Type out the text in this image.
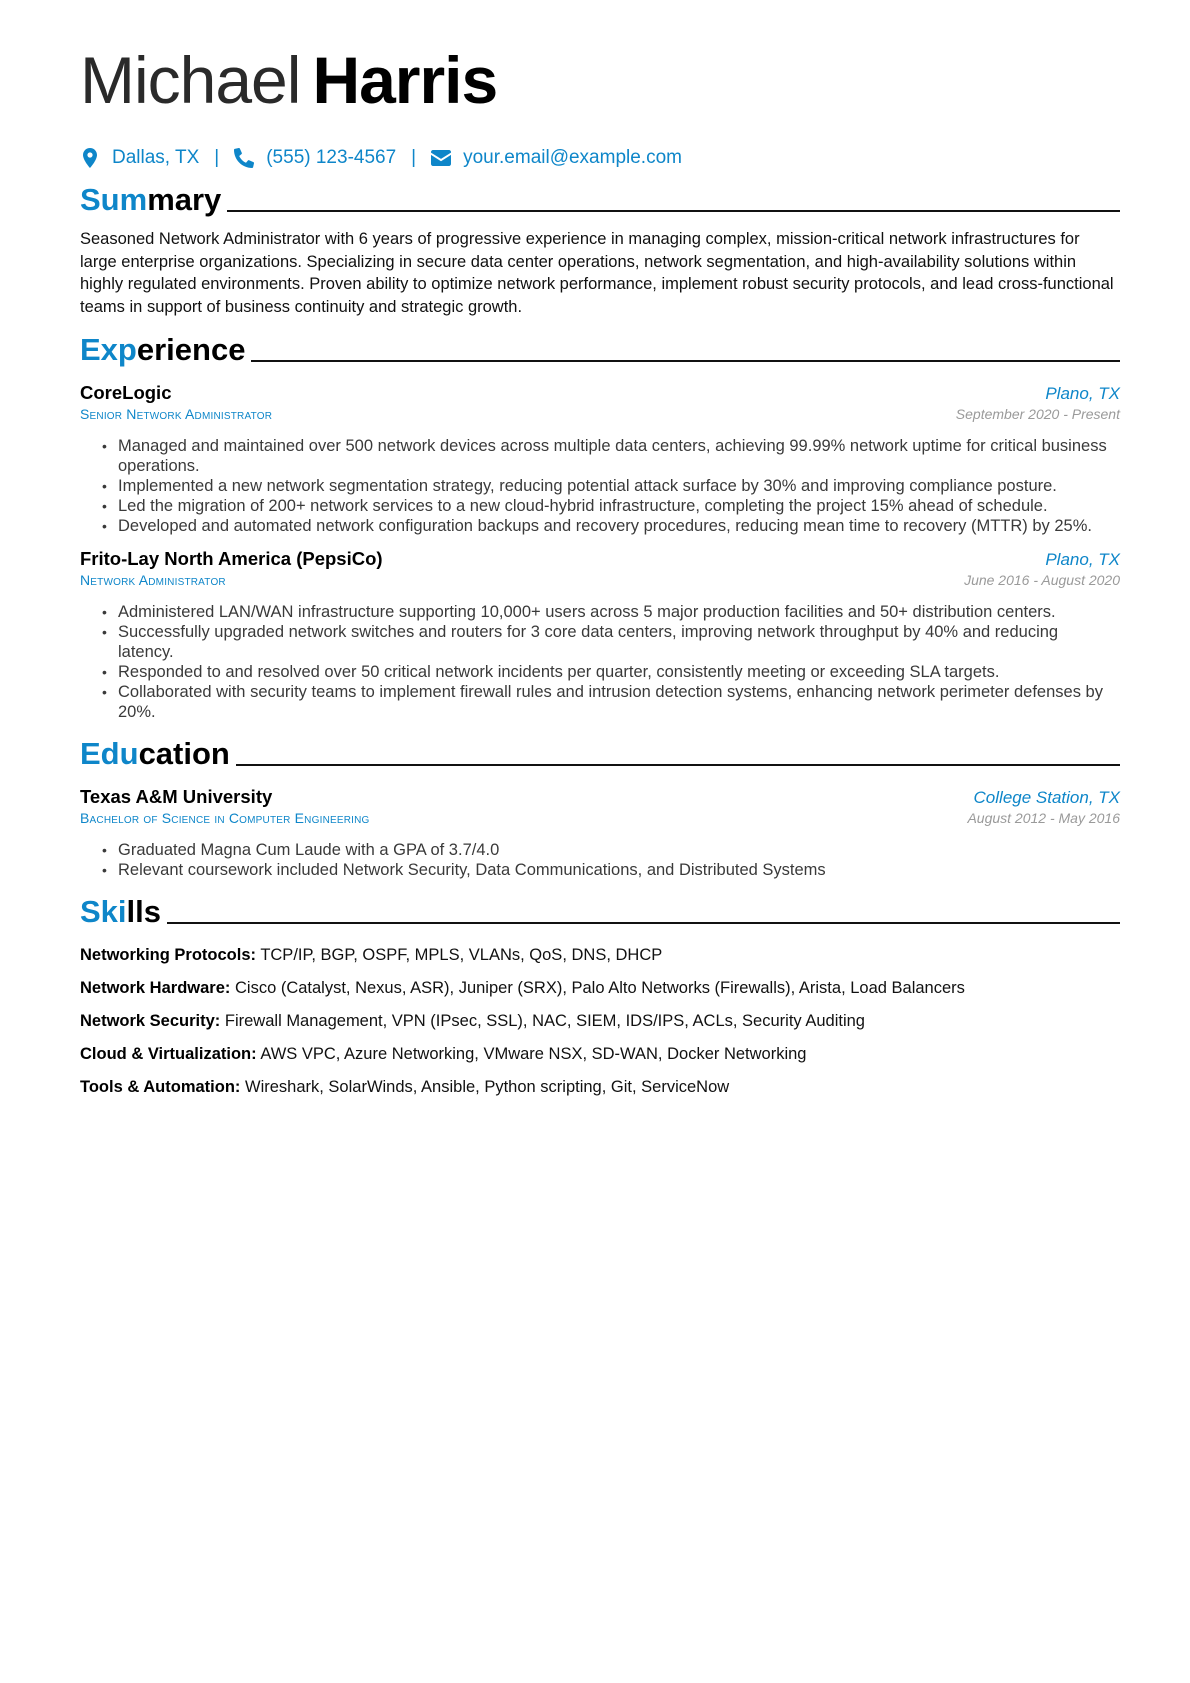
Michael Harris
Dallas, TX | (555) 123-4567 | your.email@example.com
Summary
Seasoned Network Administrator with 6 years of progressive experience in managing complex, mission-critical network infrastructures for large enterprise organizations. Specializing in secure data center operations, network segmentation, and high-availability solutions within highly regulated environments. Proven ability to optimize network performance, implement robust security protocols, and lead cross-functional teams in support of business continuity and strategic growth.
Experience
CoreLogic	Plano, TX
Senior Network Administrator	September 2020 - Present
• Managed and maintained over 500 network devices across multiple data centers, achieving 99.99% network uptime for critical business operations.
• Implemented a new network segmentation strategy, reducing potential attack surface by 30% and improving compliance posture.
• Led the migration of 200+ network services to a new cloud-hybrid infrastructure, completing the project 15% ahead of schedule.
• Developed and automated network configuration backups and recovery procedures, reducing mean time to recovery (MTTR) by 25%.
Frito-Lay North America (PepsiCo)	Plano, TX
Network Administrator	June 2016 - August 2020
• Administered LAN/WAN infrastructure supporting 10,000+ users across 5 major production facilities and 50+ distribution centers.
• Successfully upgraded network switches and routers for 3 core data centers, improving network throughput by 40% and reducing latency.
• Responded to and resolved over 50 critical network incidents per quarter, consistently meeting or exceeding SLA targets.
• Collaborated with security teams to implement firewall rules and intrusion detection systems, enhancing network perimeter defenses by 20%.
Education
Texas A&M University	College Station, TX
Bachelor of Science in Computer Engineering	August 2012 - May 2016
• Graduated Magna Cum Laude with a GPA of 3.7/4.0
• Relevant coursework included Network Security, Data Communications, and Distributed Systems
Skills
Networking Protocols: TCP/IP, BGP, OSPF, MPLS, VLANs, QoS, DNS, DHCP
Network Hardware: Cisco (Catalyst, Nexus, ASR), Juniper (SRX), Palo Alto Networks (Firewalls), Arista, Load Balancers
Network Security: Firewall Management, VPN (IPsec, SSL), NAC, SIEM, IDS/IPS, ACLs, Security Auditing
Cloud & Virtualization: AWS VPC, Azure Networking, VMware NSX, SD-WAN, Docker Networking
Tools & Automation: Wireshark, SolarWinds, Ansible, Python scripting, Git, ServiceNow
